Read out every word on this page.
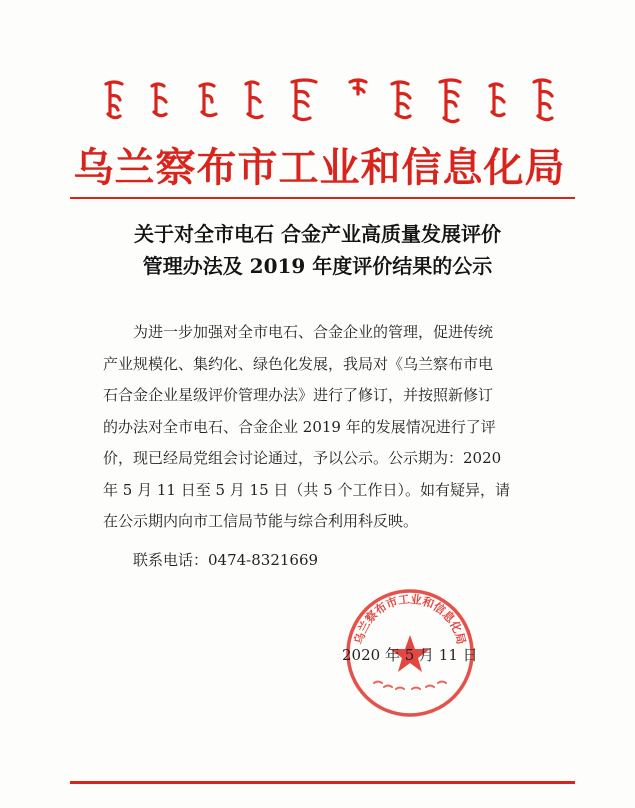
乌兰察布市工业和信息化局
关于对全市电石 合金产业高质量发展评价
管理办法及 2019 年度评价结果的公示
为进一步加强对全市电石、合金企业的管理，促进传统
产业规模化、集约化、绿色化发展，我局对《乌兰察布市电
石合金企业星级评价管理办法》进行了修订，并按照新修订
的办法对全市电石、合金企业 2019 年的发展情况进行了评
价，现已经局党组会讨论通过，予以公示。公示期为：2020
年 5 月 11 日至 5 月 15 日（共 5 个工作日）。如有疑异，请
在公示期内向市工信局节能与综合利用科反映。
联系电话：0474-8321669
乌兰察布市工业和信息化局
2020 年 5 月 11 日
